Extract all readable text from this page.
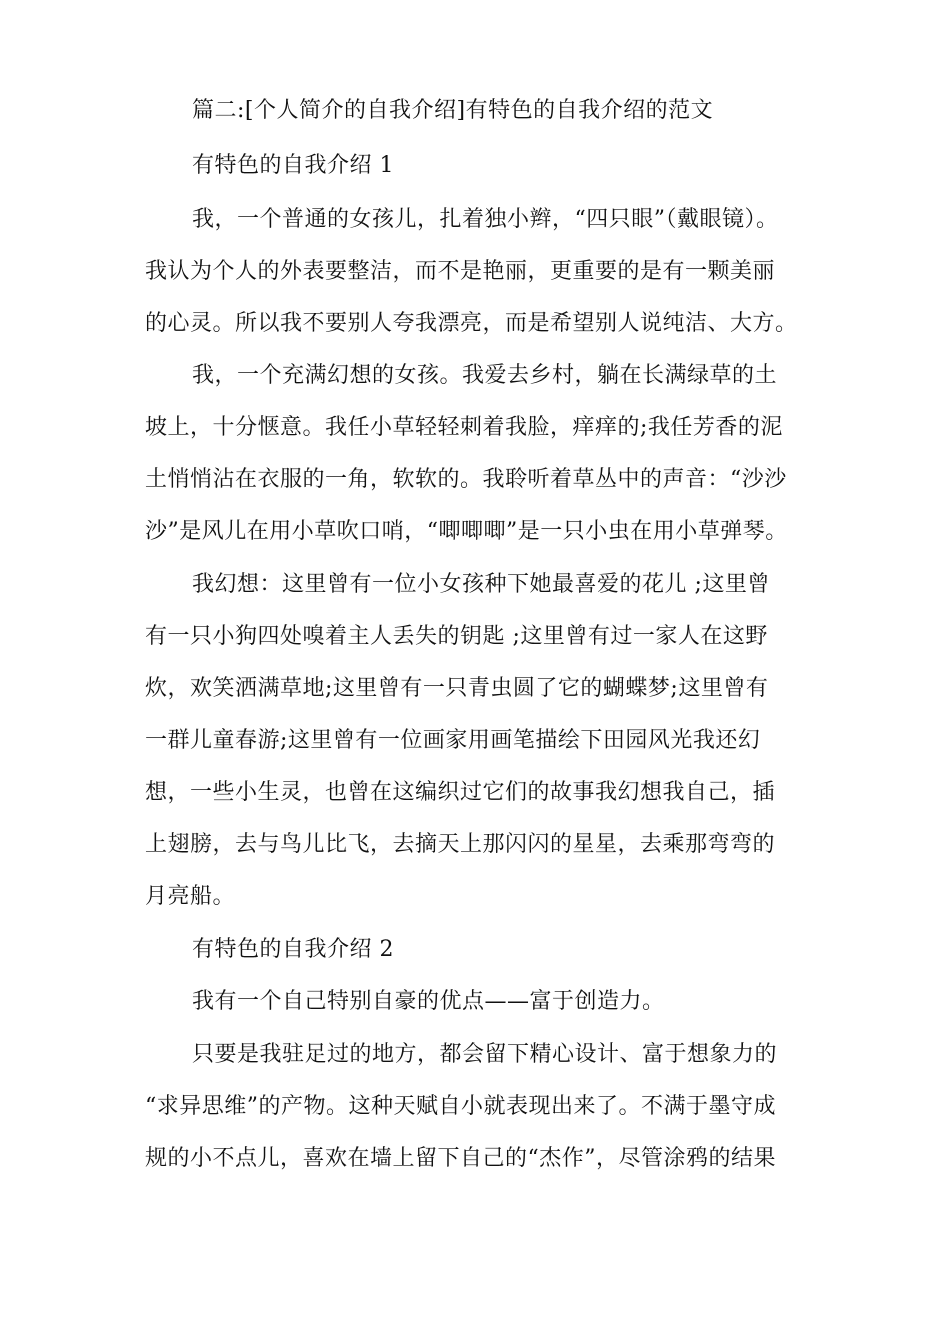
篇二:[个人简介的自我介绍]有特色的自我介绍的范文
有特色的自我介绍 1
我，一个普通的女孩儿，扎着独小辫，“四只眼”（戴眼镜）。
我认为个人的外表要整洁，而不是艳丽，更重要的是有一颗美丽
的心灵。所以我不要别人夸我漂亮，而是希望别人说纯洁、大方。
我，一个充满幻想的女孩。我爱去乡村，躺在长满绿草的土
坡上，十分惬意。我任小草轻轻刺着我脸，痒痒的;我任芳香的泥
土悄悄沾在衣服的一角，软软的。我聆听着草丛中的声音：“沙沙
沙”是风儿在用小草吹口哨，“唧唧唧”是一只小虫在用小草弹琴。
我幻想：这里曾有一位小女孩种下她最喜爱的花儿 ;这里曾
有一只小狗四处嗅着主人丢失的钥匙 ;这里曾有过一家人在这野
炊，欢笑洒满草地;这里曾有一只青虫圆了它的蝴蝶梦;这里曾有
一群儿童春游;这里曾有一位画家用画笔描绘下田园风光我还幻
想，一些小生灵，也曾在这编织过它们的故事我幻想我自己，插
上翅膀，去与鸟儿比飞，去摘天上那闪闪的星星，去乘那弯弯的
月亮船。
有特色的自我介绍 2
我有一个自己特别自豪的优点——富于创造力。
只要是我驻足过的地方，都会留下精心设计、富于想象力的
“求异思维”的产物。这种天赋自小就表现出来了。不满于墨守成
规的小不点儿，喜欢在墙上留下自己的“杰作”，尽管涂鸦的结果
